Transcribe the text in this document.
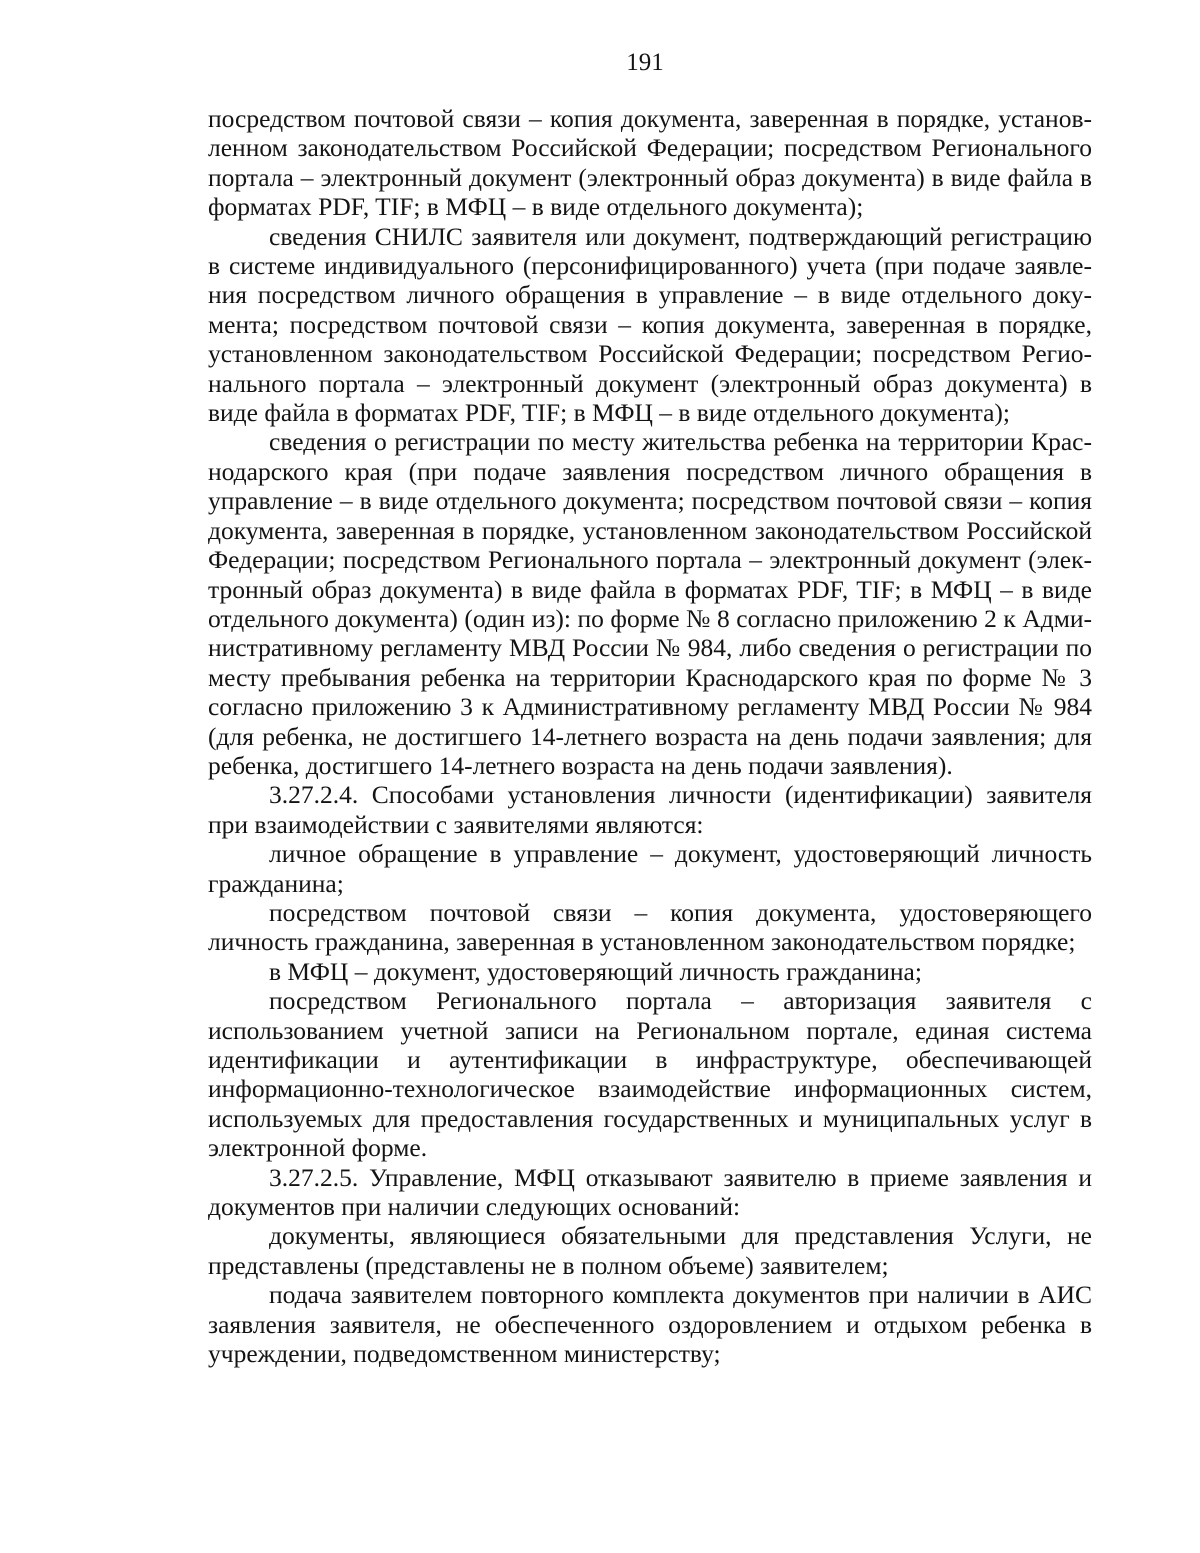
191

посредством почтовой связи – копия документа, заверенная в порядке, установленном законодательством Российской Федерации; посредством Регионального портала – электронный документ (электронный образ документа) в виде файла в форматах PDF, TIF; в МФЦ – в виде отдельного документа);

сведения СНИЛС заявителя или документ, подтверждающий регистрацию в системе индивидуального (персонифицированного) учета (при подаче заявления посредством личного обращения в управление – в виде отдельного документа; посредством почтовой связи – копия документа, заверенная в порядке, установленном законодательством Российской Федерации; посредством Регионального портала – электронный документ (электронный образ документа) в виде файла в форматах PDF, TIF; в МФЦ – в виде отдельного документа);

сведения о регистрации по месту жительства ребенка на территории Краснодарского края (при подаче заявления посредством личного обращения в управление – в виде отдельного документа; посредством почтовой связи – копия документа, заверенная в порядке, установленном законодательством Российской Федерации; посредством Регионального портала – электронный документ (электронный образ документа) в виде файла в форматах PDF, TIF; в МФЦ – в виде отдельного документа) (один из): по форме № 8 согласно приложению 2 к Административному регламенту МВД России № 984, либо сведения о регистрации по месту пребывания ребенка на территории Краснодарского края по форме № 3 согласно приложению 3 к Административному регламенту МВД России № 984 (для ребенка, не достигшего 14-летнего возраста на день подачи заявления; для ребенка, достигшего 14-летнего возраста на день подачи заявления).

3.27.2.4. Способами установления личности (идентификации) заявителя при взаимодействии с заявителями являются:

личное обращение в управление – документ, удостоверяющий личность гражданина;

посредством почтовой связи – копия документа, удостоверяющего личность гражданина, заверенная в установленном законодательством порядке;

в МФЦ – документ, удостоверяющий личность гражданина;

посредством Регионального портала – авторизация заявителя с использованием учетной записи на Региональном портале, единая система идентификации и аутентификации в инфраструктуре, обеспечивающей информационно-технологическое взаимодействие информационных систем, используемых для предоставления государственных и муниципальных услуг в электронной форме.

3.27.2.5. Управление, МФЦ отказывают заявителю в приеме заявления и документов при наличии следующих оснований:

документы, являющиеся обязательными для представления Услуги, не представлены (представлены не в полном объеме) заявителем;

подача заявителем повторного комплекта документов при наличии в АИС заявления заявителя, не обеспеченного оздоровлением и отдыхом ребенка в учреждении, подведомственном министерству;
